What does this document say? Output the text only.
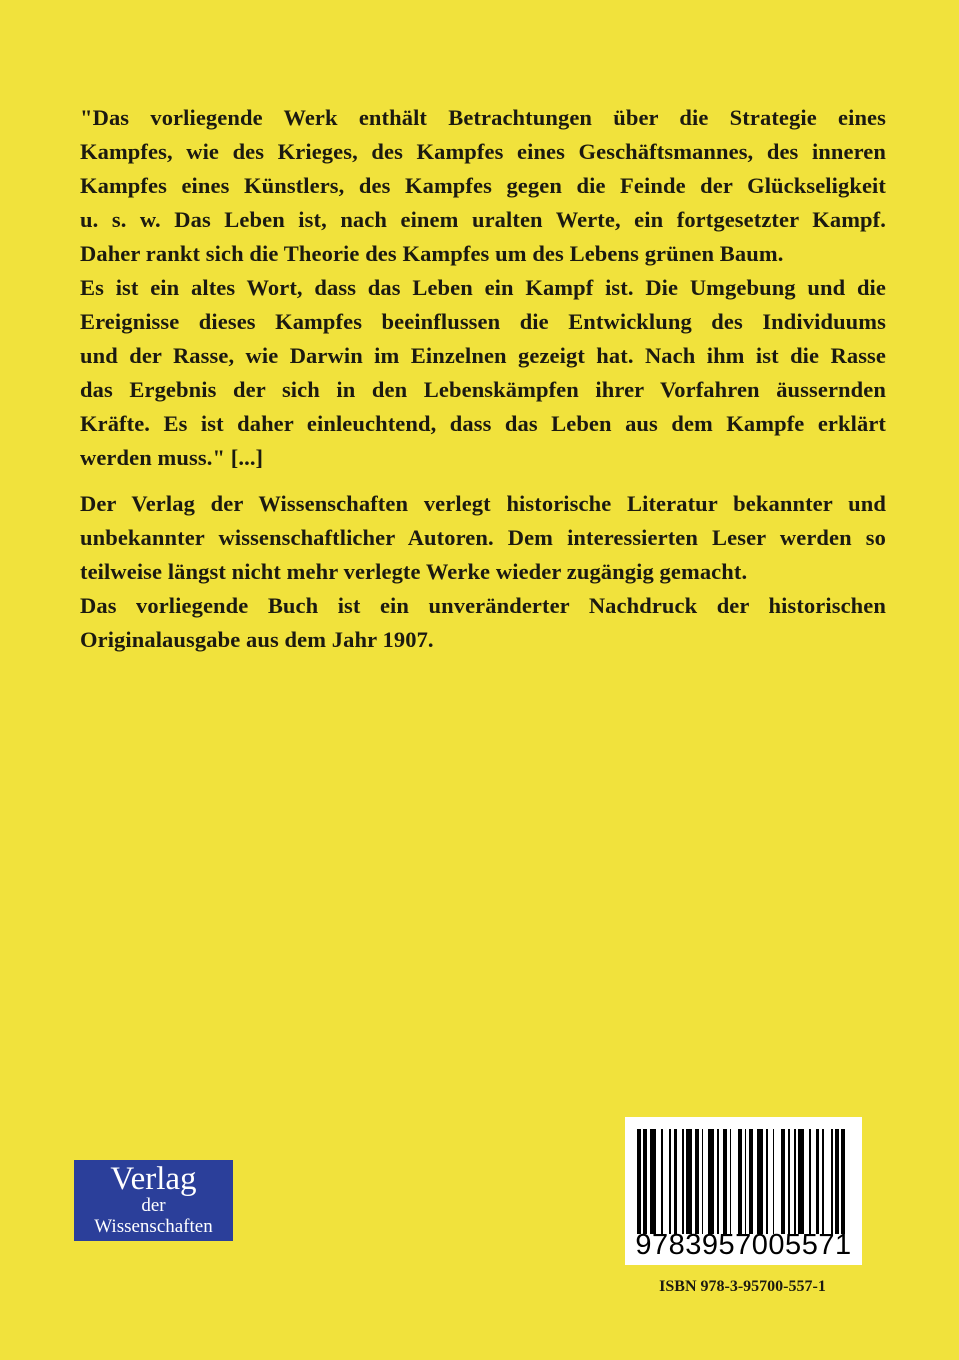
"Das vorliegende Werk enthält Betrachtungen über die Strategie eines
Kampfes, wie des Krieges, des Kampfes eines Geschäftsmannes, des inneren
Kampfes eines Künstlers, des Kampfes gegen die Feinde der Glückseligkeit
u. s. w. Das Leben ist, nach einem uralten Werte, ein fortgesetzter Kampf.
Daher rankt sich die Theorie des Kampfes um des Lebens grünen Baum.
Es ist ein altes Wort, dass das Leben ein Kampf ist. Die Umgebung und die
Ereignisse dieses Kampfes beeinflussen die Entwicklung des Individuums
und der Rasse, wie Darwin im Einzelnen gezeigt hat. Nach ihm ist die Rasse
das Ergebnis der sich in den Lebenskämpfen ihrer Vorfahren äussernden
Kräfte. Es ist daher einleuchtend, dass das Leben aus dem Kampfe erklärt
werden muss." [...]
Der Verlag der Wissenschaften verlegt historische Literatur bekannter und
unbekannter wissenschaftlicher Autoren. Dem interessierten Leser werden so
teilweise längst nicht mehr verlegte Werke wieder zugängig gemacht.
Das vorliegende Buch ist ein unveränderter Nachdruck der historischen
Originalausgabe aus dem Jahr 1907.
Verlag
der
Wissenschaften
9783957005571
ISBN 978-3-95700-557-1
